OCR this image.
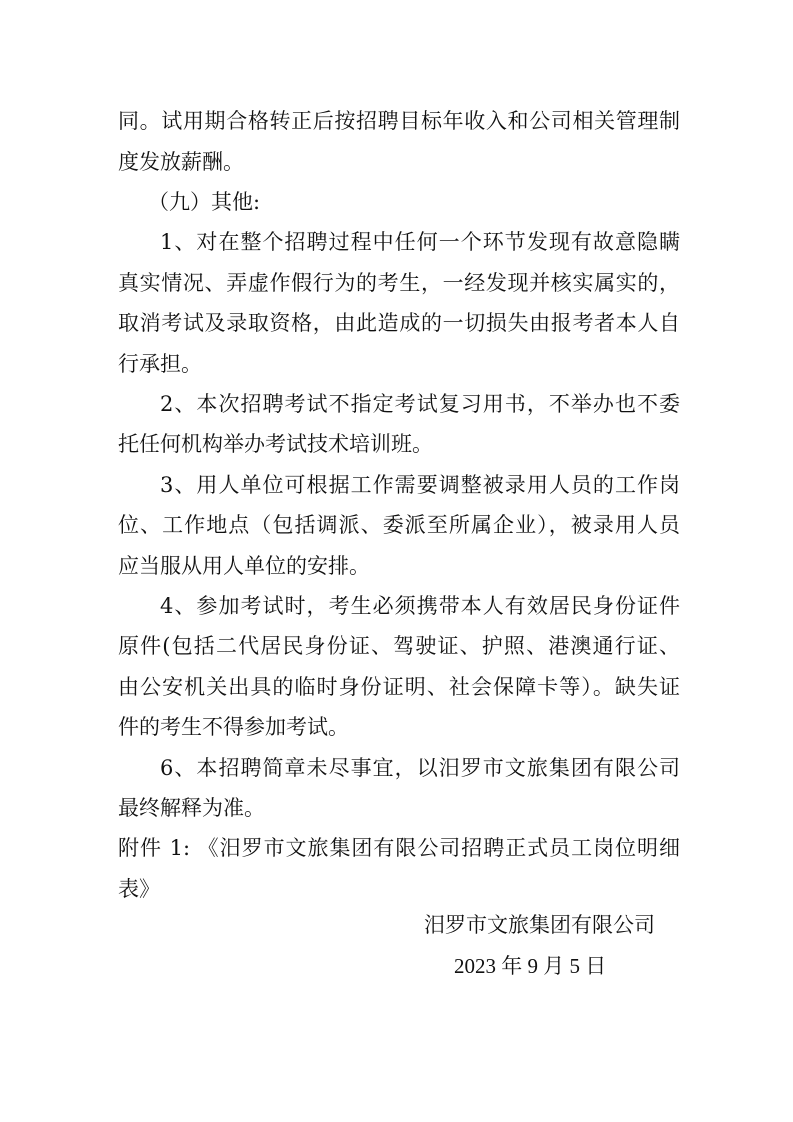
同。试用期合格转正后按招聘目标年收入和公司相关管理制
度发放薪酬。
（九）其他:
1、对在整个招聘过程中任何一个环节发现有故意隐瞒
真实情况、弄虚作假行为的考生，一经发现并核实属实的，
取消考试及录取资格，由此造成的一切损失由报考者本人自
行承担。
2、本次招聘考试不指定考试复习用书，不举办也不委
托任何机构举办考试技术培训班。
3、用人单位可根据工作需要调整被录用人员的工作岗
位、工作地点（包括调派、委派至所属企业），被录用人员
应当服从用人单位的安排。
4、参加考试时，考生必须携带本人有效居民身份证件
原件(包括二代居民身份证、驾驶证、护照、港澳通行证、
由公安机关出具的临时身份证明、社会保障卡等）。缺失证
件的考生不得参加考试。
6、本招聘简章未尽事宜，以汨罗市文旅集团有限公司
最终解释为准。
附件 1: 《汨罗市文旅集团有限公司招聘正式员工岗位明细
表》
汨罗市文旅集团有限公司
2023 年 9 月 5 日
